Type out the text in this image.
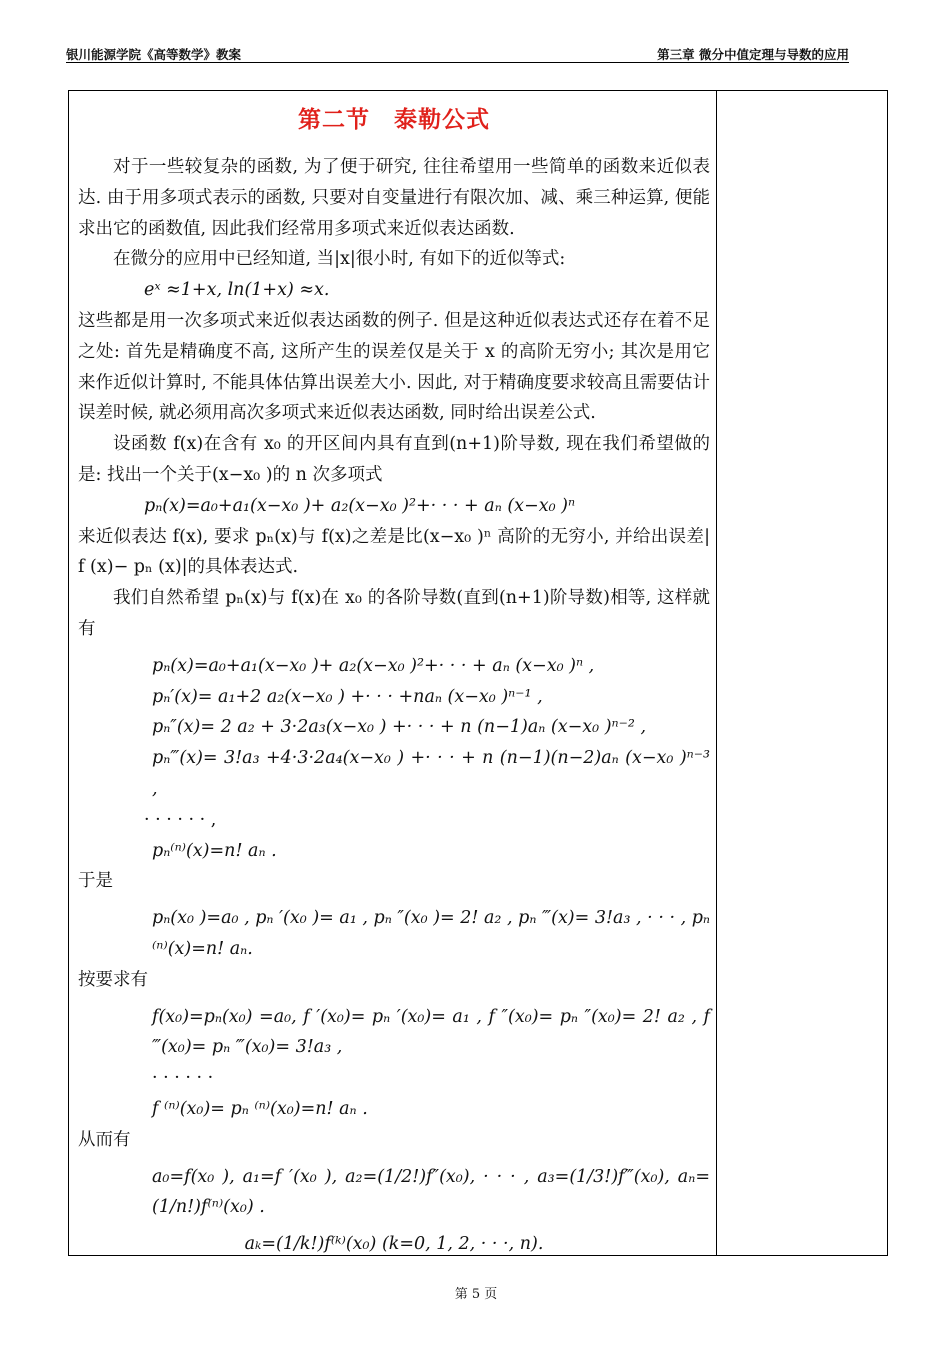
银川能源学院《高等数学》教案	第三章 微分中值定理与导数的应用
第二节 泰勒公式

对于一些较复杂的函数, 为了便于研究, 往往希望用一些简单的函数来近似表达. 由于用多项式表示的函数, 只要对自变量进行有限次加、减、乘三种运算, 便能求出它的函数值, 因此我们经常用多项式来近似表达函数.

在微分的应用中已经知道, 当|x|很小时, 有如下的近似等式:

eˣ ≈1+x, ln(1+x) ≈x.

这些都是用一次多项式来近似表达函数的例子. 但是这种近似表达式还存在着不足之处: 首先是精确度不高, 这所产生的误差仅是关于 x 的高阶无穷小; 其次是用它来作近似计算时, 不能具体估算出误差大小. 因此, 对于精确度要求较高且需要估计误差时候, 就必须用高次多项式来近似表达函数, 同时给出误差公式.

设函数 f(x)在含有 x₀ 的开区间内具有直到(n+1)阶导数, 现在我们希望做的是: 找出一个关于(x−x₀ )的 n 次多项式

pₙ(x)=a₀+a₁(x−x₀ )+ a₂(x−x₀ )²+· · · + aₙ (x−x₀ )ⁿ

来近似表达 f(x), 要求 pₙ(x)与 f(x)之差是比(x−x₀ )ⁿ 高阶的无穷小, 并给出误差| f (x)− pₙ (x)|的具体表达式.

我们自然希望 pₙ(x)与 f(x)在 x₀ 的各阶导数(直到(n+1)阶导数)相等, 这样就有

pₙ(x)=a₀+a₁(x−x₀ )+ a₂(x−x₀ )²+· · · + aₙ (x−x₀ )ⁿ ,

pₙ′(x)= a₁+2 a₂(x−x₀ ) +· · · +naₙ (x−x₀ )ⁿ⁻¹ ,

pₙ″(x)= 2 a₂ + 3·2a₃(x−x₀ ) +· · · + n (n−1)aₙ (x−x₀ )ⁿ⁻² ,

pₙ‴(x)= 3!a₃ +4·3·2a₄(x−x₀ ) +· · · + n (n−1)(n−2)aₙ (x−x₀ )ⁿ⁻³ ,

· · · · · · ,

pₙ⁽ⁿ⁾(x)=n! aₙ .

于是

pₙ(x₀ )=a₀ , pₙ ′(x₀ )= a₁ , pₙ ″(x₀ )= 2! a₂ , pₙ ‴(x)= 3!a₃ , · · · , pₙ ⁽ⁿ⁾(x)=n! aₙ.

按要求有

f(x₀)=pₙ(x₀) =a₀, f ′(x₀)= pₙ ′(x₀)= a₁ , f ″(x₀)= pₙ ″(x₀)= 2! a₂ , f ‴(x₀)= pₙ ‴(x₀)= 3!a₃ ,

· · · · · ·

f ⁽ⁿ⁾(x₀)= pₙ ⁽ⁿ⁾(x₀)=n! aₙ .

从而有

a₀=f(x₀ ), a₁=f ′(x₀ ), a₂=(1/2!)f″(x₀), · · · , a₃=(1/3!)f‴(x₀), aₙ=(1/n!)f⁽ⁿ⁾(x₀) .

aₖ=(1/k!)f⁽ᵏ⁾(x₀) (k=0, 1, 2, · · ·, n).

第 5 页
